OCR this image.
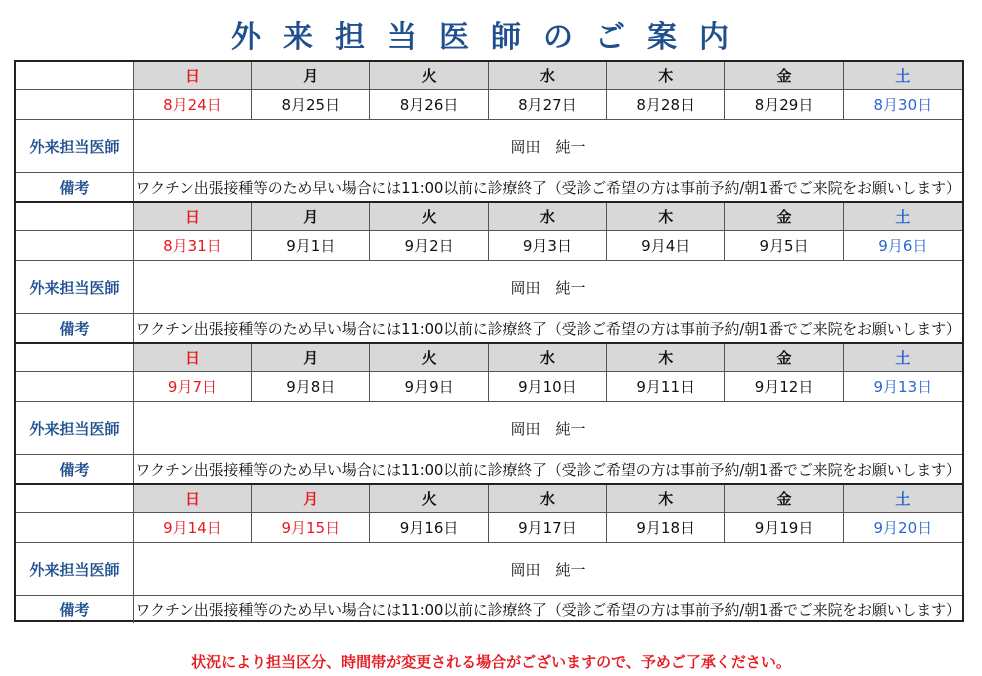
外来担当医師のご案内
日	月	火	水	木	金	土
8月24日	8月25日	8月26日	8月27日	8月28日	8月29日	8月30日
外来担当医師	岡田　純一
備考	ワクチン出張接種等のため早い場合には11:00以前に診療終了（受診ご希望の方は事前予約/朝1番でご来院をお願いします）
日	月	火	水	木	金	土
8月31日	9月1日	9月2日	9月3日	9月4日	9月5日	9月6日
外来担当医師	岡田　純一
備考	ワクチン出張接種等のため早い場合には11:00以前に診療終了（受診ご希望の方は事前予約/朝1番でご来院をお願いします）
日	月	火	水	木	金	土
9月7日	9月8日	9月9日	9月10日	9月11日	9月12日	9月13日
外来担当医師	岡田　純一
備考	ワクチン出張接種等のため早い場合には11:00以前に診療終了（受診ご希望の方は事前予約/朝1番でご来院をお願いします）
日	月	火	水	木	金	土
9月14日	9月15日	9月16日	9月17日	9月18日	9月19日	9月20日
外来担当医師	岡田　純一
備考	ワクチン出張接種等のため早い場合には11:00以前に診療終了（受診ご希望の方は事前予約/朝1番でご来院をお願いします）
状況により担当区分、時間帯が変更される場合がございますので、予めご了承ください。
